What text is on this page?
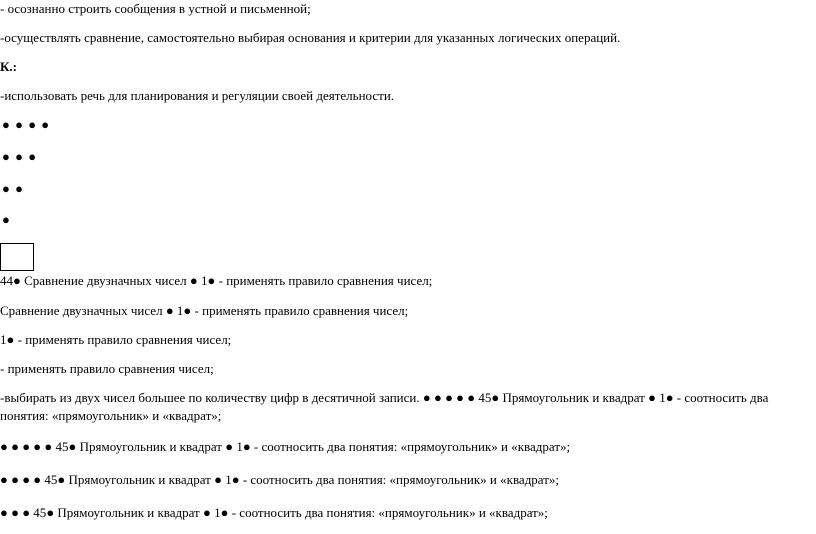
- осознанно строить сообщения в устной и письменной;
-осуществлять сравнение, самостоятельно выбирая основания и критерии для указанных логических операций.
К.:
-использовать речь для планирования и регуляции своей деятельности.
● ● ● ●
● ● ●
● ●
●
44● Сравнение двузначных чисел ● 1● - применять правило сравнения чисел;
Сравнение двузначных чисел ● 1● - применять правило сравнения чисел;
1● - применять правило сравнения чисел;
- применять правило сравнения чисел;
-выбирать из двух чисел большее по количеству цифр в десятичной записи. ● ● ● ● ● 45● Прямоугольник и квадрат ● 1● - соотносить два
понятия: «прямоугольник» и «квадрат»;
● ● ● ● ● 45● Прямоугольник и квадрат ● 1● - соотносить два понятия: «прямоугольник» и «квадрат»;
● ● ● ● 45● Прямоугольник и квадрат ● 1● - соотносить два понятия: «прямоугольник» и «квадрат»;
● ● ● 45● Прямоугольник и квадрат ● 1● - соотносить два понятия: «прямоугольник» и «квадрат»;
